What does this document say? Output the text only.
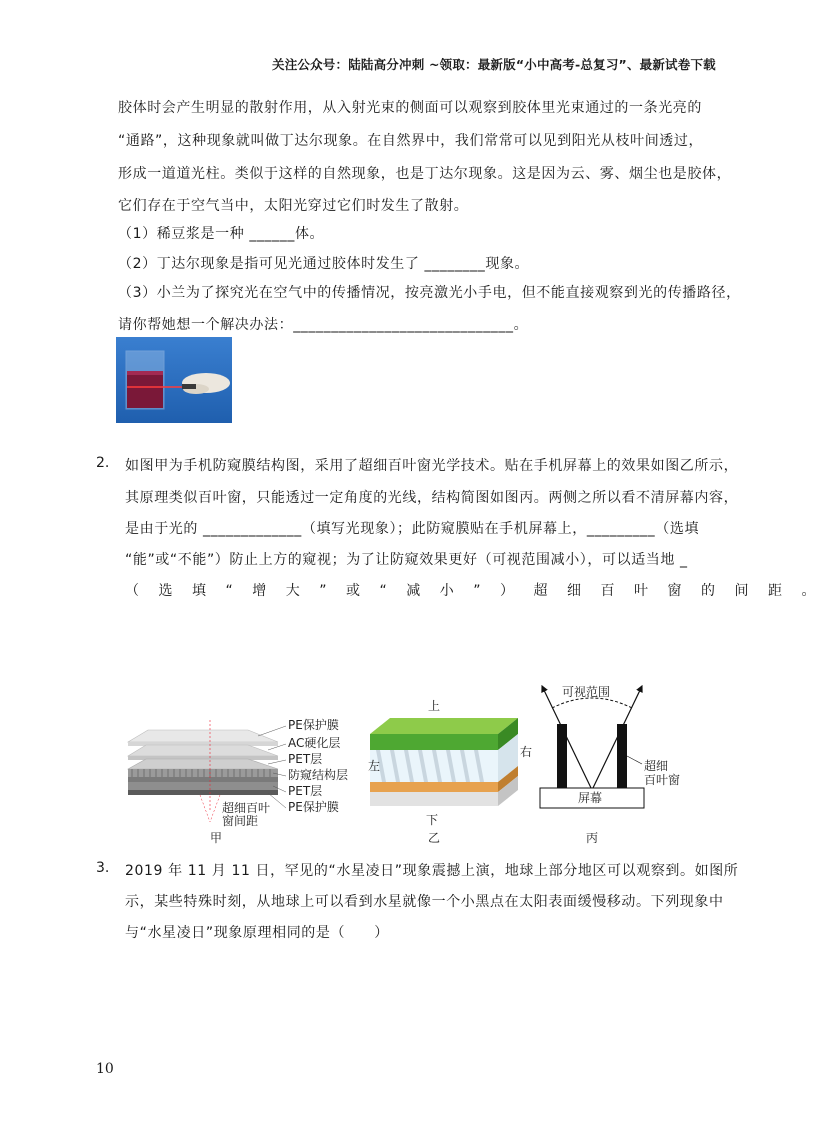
关注公众号：陆陆高分冲刺 ~领取：最新版“小中高考-总复习”、最新试卷下载
胶体时会产生明显的散射作用，从入射光束的侧面可以观察到胶体里光束通过的一条光亮的
“通路”，这种现象就叫做丁达尔现象。在自然界中，我们常常可以见到阳光从枝叶间透过，
形成一道道光柱。类似于这样的自然现象，也是丁达尔现象。这是因为云、雾、烟尘也是胶体，
它们存在于空气当中，太阳光穿过它们时发生了散射。
（1）稀豆浆是一种 ______体。
（2）丁达尔现象是指可见光通过胶体时发生了 ________现象。
（3）小兰为了探究光在空气中的传播情况，按亮激光小手电，但不能直接观察到光的传播路径，
请你帮她想一个解决办法：_____________________________。
2. 如图甲为手机防窥膜结构图，采用了超细百叶窗光学技术。贴在手机屏幕上的效果如图乙所示，
其原理类似百叶窗，只能透过一定角度的光线，结构简图如图丙。两侧之所以看不清屏幕内容，
是由于光的 _____________（填写光现象）；此防窥膜贴在手机屏幕上，_________（选填
“能”或“不能”）防止上方的窥视；为了让防窥效果更好（可视范围减小），可以适当地 _
（选填“增大”或“减小”）超细百叶窗的间距。
PE保护膜
AC硬化层
PET层
防窥结构层
PET层
PE保护膜
超细百叶
窗间距
甲
上
下
左
右
乙
可视范围
超细
百叶窗
屏幕
丙
3. 2019 年 11 月 11 日，罕见的“水星凌日”现象震撼上演，地球上部分地区可以观察到。如图所
示，某些特殊时刻，从地球上可以看到水星就像一个小黑点在太阳表面缓慢移动。下列现象中
与“水星凌日”现象原理相同的是（　　）
10
